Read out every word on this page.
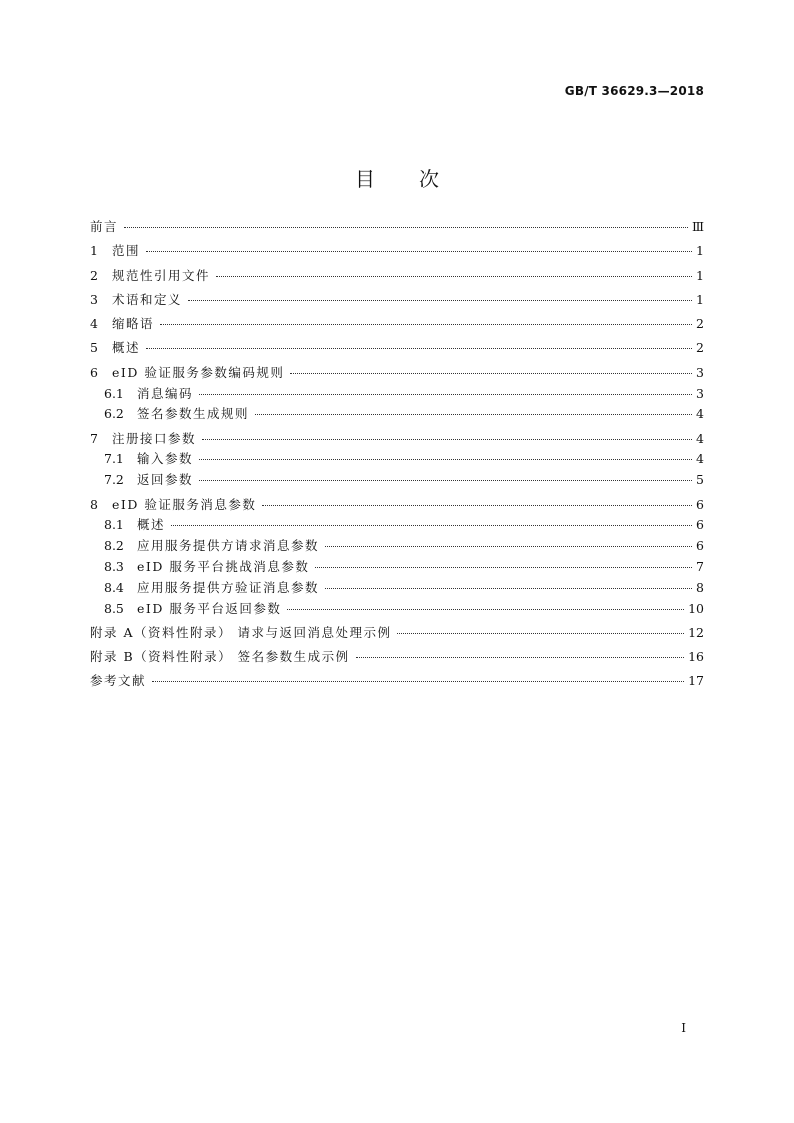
GB/T 36629.3—2018
目次
前言	Ⅲ
1	范围	1
2	规范性引用文件	1
3	术语和定义	1
4	缩略语	2
5	概述	2
6	eID 验证服务参数编码规则	3
6.1	消息编码	3
6.2	签名参数生成规则	4
7	注册接口参数	4
7.1	输入参数	4
7.2	返回参数	5
8	eID 验证服务消息参数	6
8.1	概述	6
8.2	应用服务提供方请求消息参数	6
8.3	eID 服务平台挑战消息参数	7
8.4	应用服务提供方验证消息参数	8
8.5	eID 服务平台返回参数	10
附录 A（资料性附录） 请求与返回消息处理示例	12
附录 B（资料性附录） 签名参数生成示例	16
参考文献	17
I
